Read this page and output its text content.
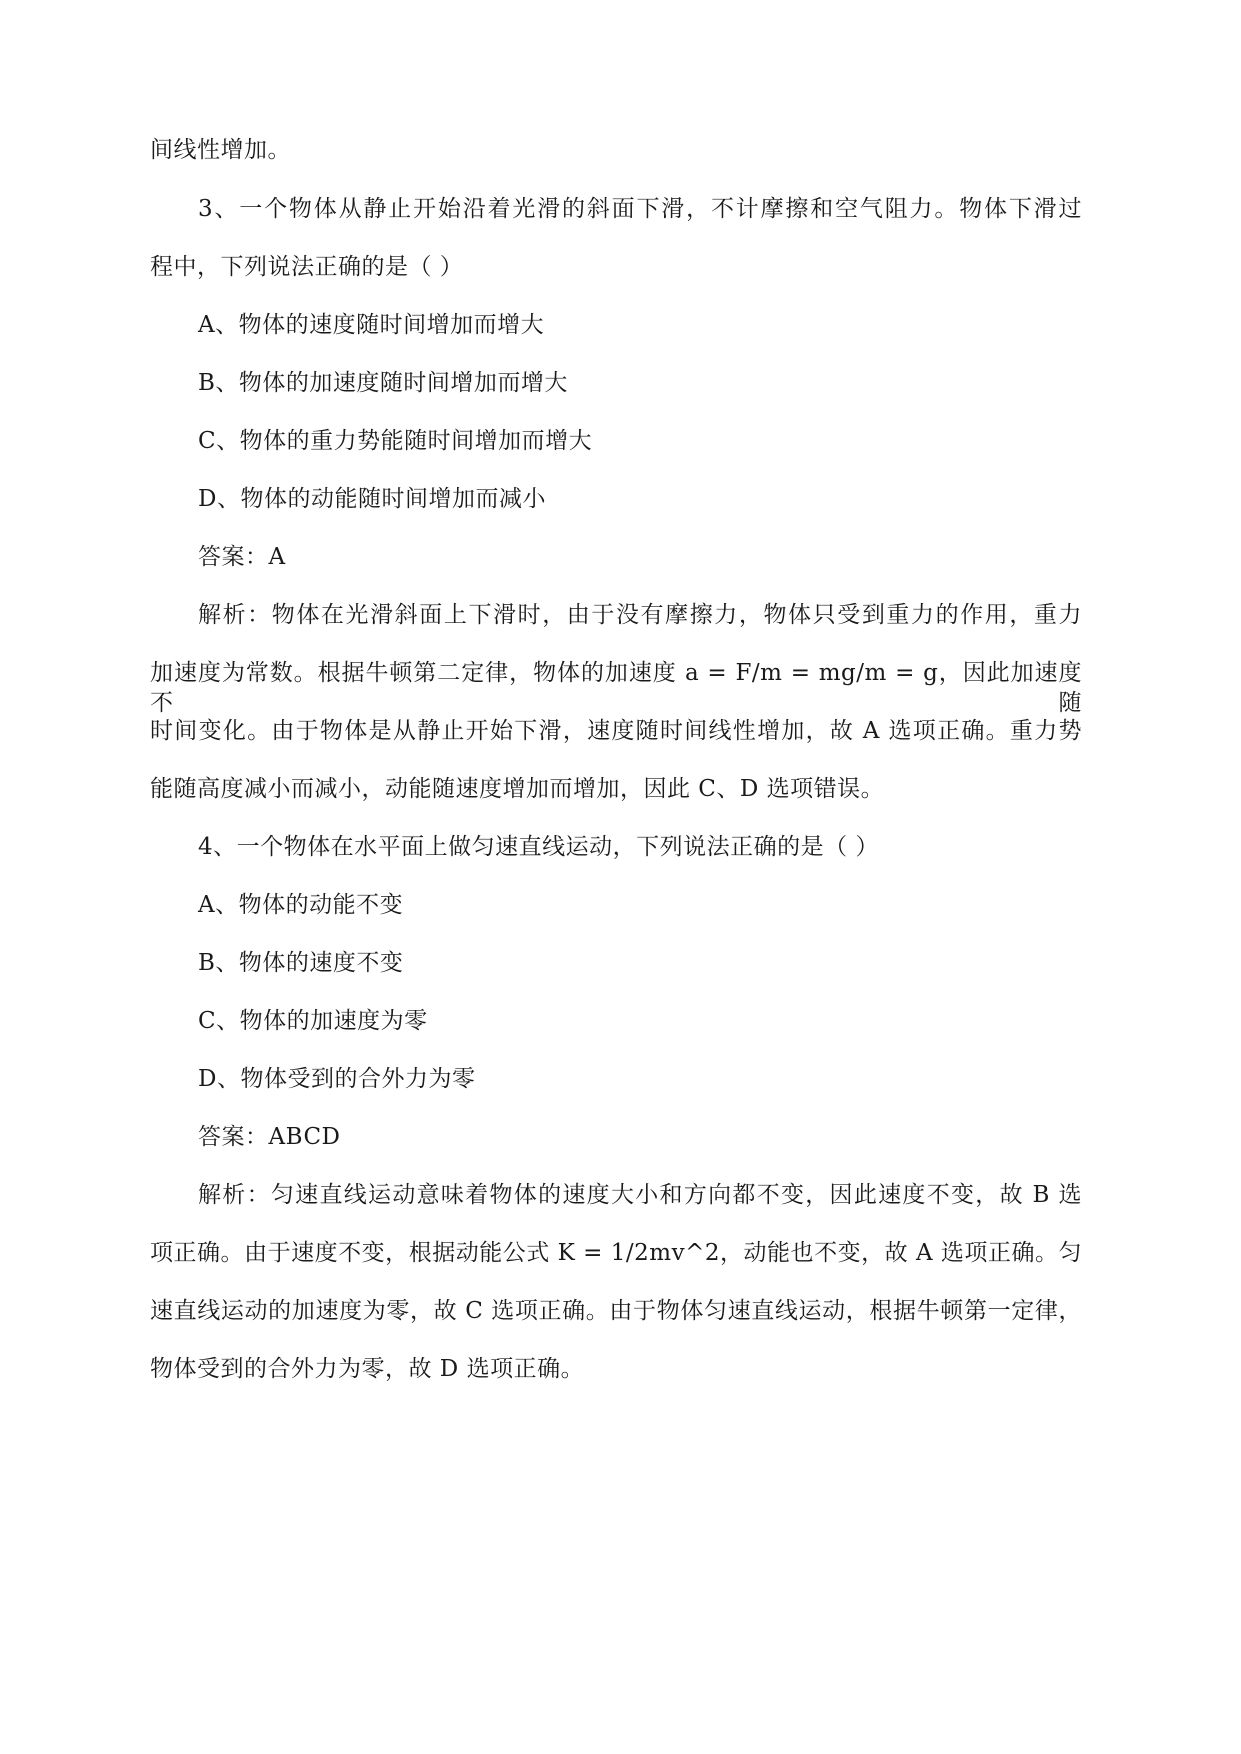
间线性增加。
3、一个物体从静止开始沿着光滑的斜面下滑，不计摩擦和空气阻力。物体下滑过
程中，下列说法正确的是（ ）
A、物体的速度随时间增加而增大
B、物体的加速度随时间增加而增大
C、物体的重力势能随时间增加而增大
D、物体的动能随时间增加而减小
答案：A
解析：物体在光滑斜面上下滑时，由于没有摩擦力，物体只受到重力的作用，重力
加速度为常数。根据牛顿第二定律，物体的加速度 a = F/m = mg/m = g，因此加速度不随
时间变化。由于物体是从静止开始下滑，速度随时间线性增加，故 A 选项正确。重力势
能随高度减小而减小，动能随速度增加而增加，因此 C、D 选项错误。
4、一个物体在水平面上做匀速直线运动，下列说法正确的是（ ）
A、物体的动能不变
B、物体的速度不变
C、物体的加速度为零
D、物体受到的合外力为零
答案：ABCD
解析：匀速直线运动意味着物体的速度大小和方向都不变，因此速度不变，故 B 选
项正确。由于速度不变，根据动能公式 K = 1/2mv^2，动能也不变，故 A 选项正确。匀
速直线运动的加速度为零，故 C 选项正确。由于物体匀速直线运动，根据牛顿第一定律，
物体受到的合外力为零，故 D 选项正确。
